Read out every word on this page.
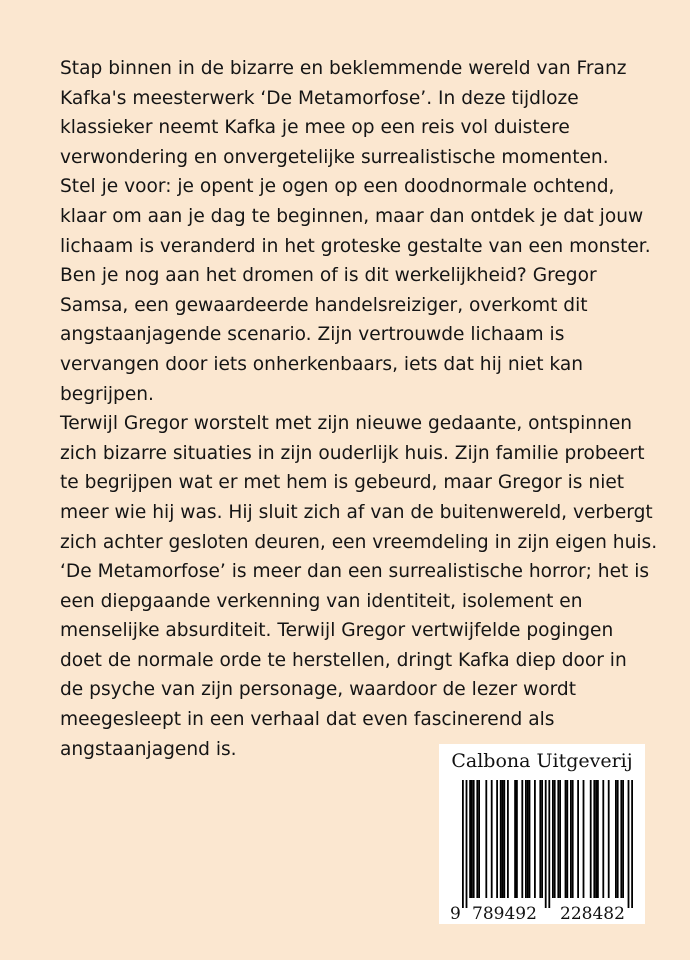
Stap binnen in de bizarre en beklemmende wereld van Franz
Kafka's meesterwerk ‘De Metamorfose’. In deze tijdloze
klassieker neemt Kafka je mee op een reis vol duistere
verwondering en onvergetelijke surrealistische momenten.

Stel je voor: je opent je ogen op een doodnormale ochtend,
klaar om aan je dag te beginnen, maar dan ontdek je dat jouw
lichaam is veranderd in het groteske gestalte van een monster.
Ben je nog aan het dromen of is dit werkelijkheid? Gregor
Samsa, een gewaardeerde handelsreiziger, overkomt dit
angstaanjagende scenario. Zijn vertrouwde lichaam is
vervangen door iets onherkenbaars, iets dat hij niet kan
begrijpen.

Terwijl Gregor worstelt met zijn nieuwe gedaante, ontspinnen
zich bizarre situaties in zijn ouderlijk huis. Zijn familie probeert
te begrijpen wat er met hem is gebeurd, maar Gregor is niet
meer wie hij was. Hij sluit zich af van de buitenwereld, verbergt
zich achter gesloten deuren, een vreemdeling in zijn eigen huis.

‘De Metamorfose’ is meer dan een surrealistische horror; het is
een diepgaande verkenning van identiteit, isolement en
menselijke absurditeit. Terwijl Gregor vertwijfelde pogingen
doet de normale orde te herstellen, dringt Kafka diep door in
de psyche van zijn personage, waardoor de lezer wordt
meegesleept in een verhaal dat even fascinerend als
angstaanjagend is.

Calbona Uitgeverij
9 789492 228482
